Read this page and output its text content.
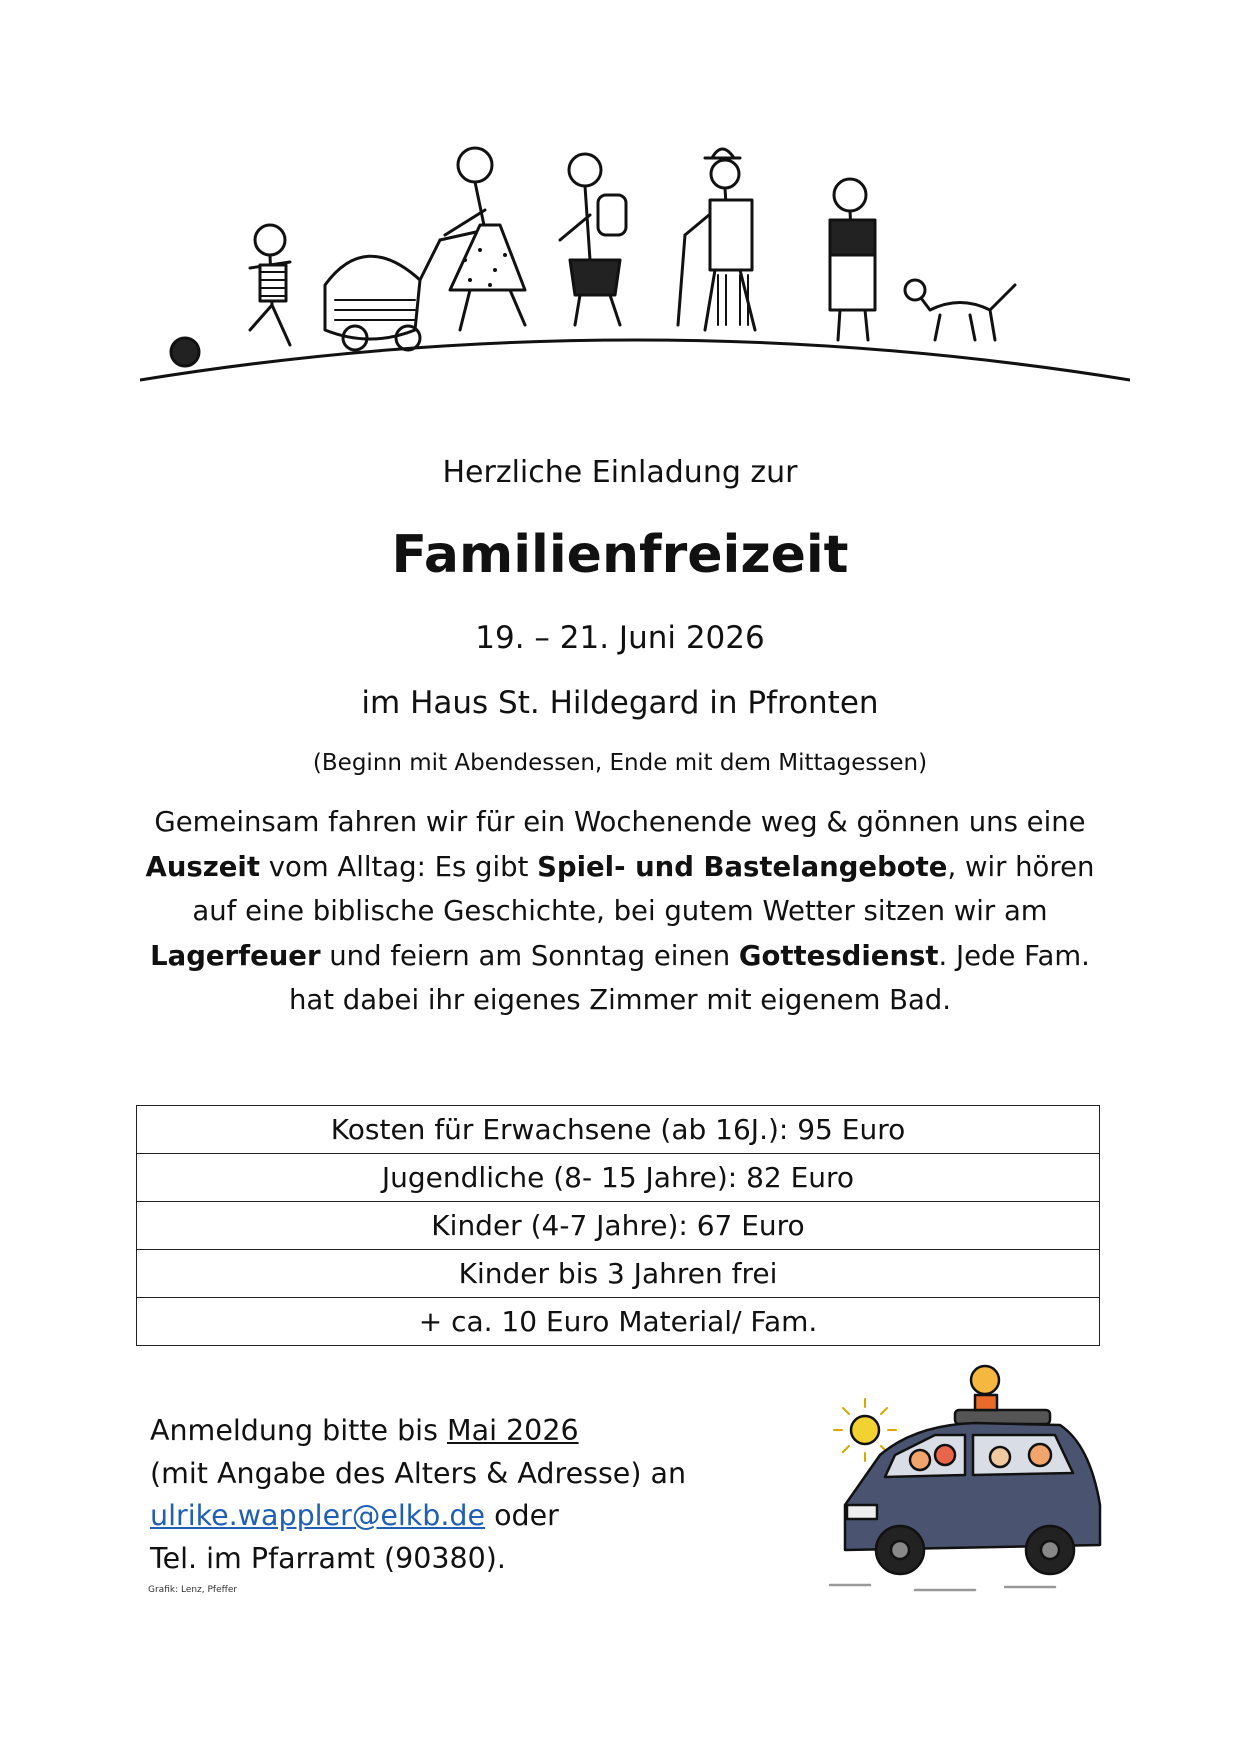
Herzliche Einladung zur
Familienfreizeit
19. – 21. Juni 2026
im Haus St. Hildegard in Pfronten
(Beginn mit Abendessen, Ende mit dem Mittagessen)
Gemeinsam fahren wir für ein Wochenende weg & gönnen uns eine Auszeit vom Alltag: Es gibt Spiel- und Bastelangebote, wir hören auf eine biblische Geschichte, bei gutem Wetter sitzen wir am Lagerfeuer und feiern am Sonntag einen Gottesdienst. Jede Fam. hat dabei ihr eigenes Zimmer mit eigenem Bad.
Kosten für Erwachsene (ab 16J.): 95 Euro
Jugendliche (8- 15 Jahre): 82 Euro
Kinder (4-7 Jahre): 67 Euro
Kinder bis 3 Jahren frei
+ ca. 10 Euro Material/ Fam.
Anmeldung bitte bis Mai 2026
(mit Angabe des Alters & Adresse) an
ulrike.wappler@elkb.de oder
Tel. im Pfarramt (90380).
Grafik: Lenz, Pfeffer
